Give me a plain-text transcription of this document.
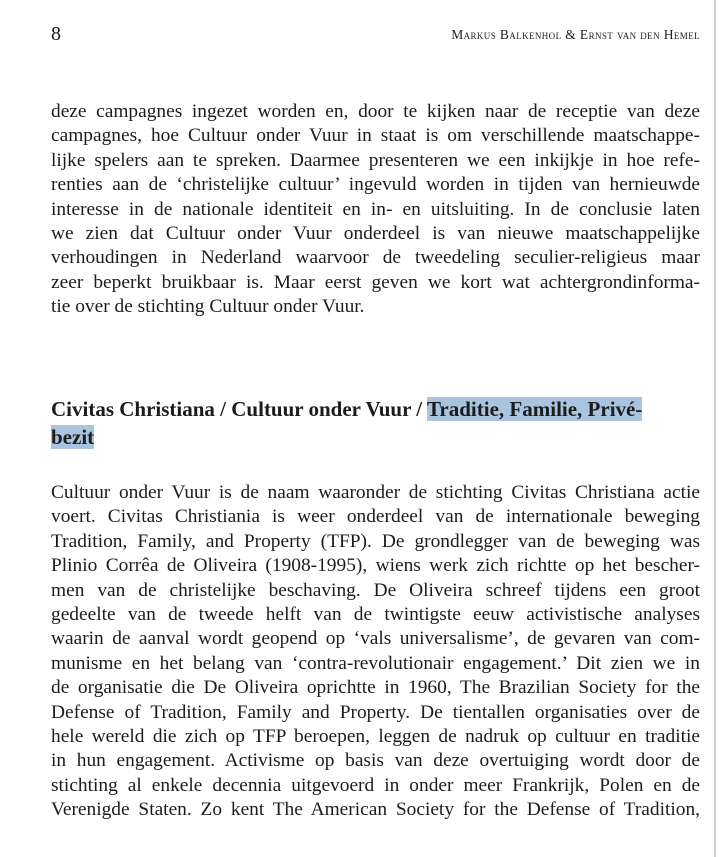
8	Markus Balkenhol & Ernst van den Hemel
deze campagnes ingezet worden en, door te kijken naar de receptie van deze
campagnes, hoe Cultuur onder Vuur in staat is om verschillende maatschappe-
lijke spelers aan te spreken. Daarmee presenteren we een inkijkje in hoe refe-
renties aan de ‘christelijke cultuur’ ingevuld worden in tijden van hernieuwde
interesse in de nationale identiteit en in- en uitsluiting. In de conclusie laten
we zien dat Cultuur onder Vuur onderdeel is van nieuwe maatschappelijke
verhoudingen in Nederland waarvoor de tweedeling seculier-religieus maar
zeer beperkt bruikbaar is. Maar eerst geven we kort wat achtergrondinforma-
tie over de stichting Cultuur onder Vuur.
Civitas Christiana / Cultuur onder Vuur / Traditie, Familie, Privé-
bezit
Cultuur onder Vuur is de naam waaronder de stichting Civitas Christiana actie
voert. Civitas Christiania is weer onderdeel van de internationale beweging
Tradition, Family, and Property (TFP). De grondlegger van de beweging was
Plinio Corrêa de Oliveira (1908-1995), wiens werk zich richtte op het bescher-
men van de christelijke beschaving. De Oliveira schreef tijdens een groot
gedeelte van de tweede helft van de twintigste eeuw activistische analyses
waarin de aanval wordt geopend op ‘vals universalisme’, de gevaren van com-
munisme en het belang van ‘contra-revolutionair engagement.’ Dit zien we in
de organisatie die De Oliveira oprichtte in 1960, The Brazilian Society for the
Defense of Tradition, Family and Property. De tientallen organisaties over de
hele wereld die zich op TFP beroepen, leggen de nadruk op cultuur en traditie
in hun engagement. Activisme op basis van deze overtuiging wordt door de
stichting al enkele decennia uitgevoerd in onder meer Frankrijk, Polen en de
Verenigde Staten. Zo kent The American Society for the Defense of Tradition,
